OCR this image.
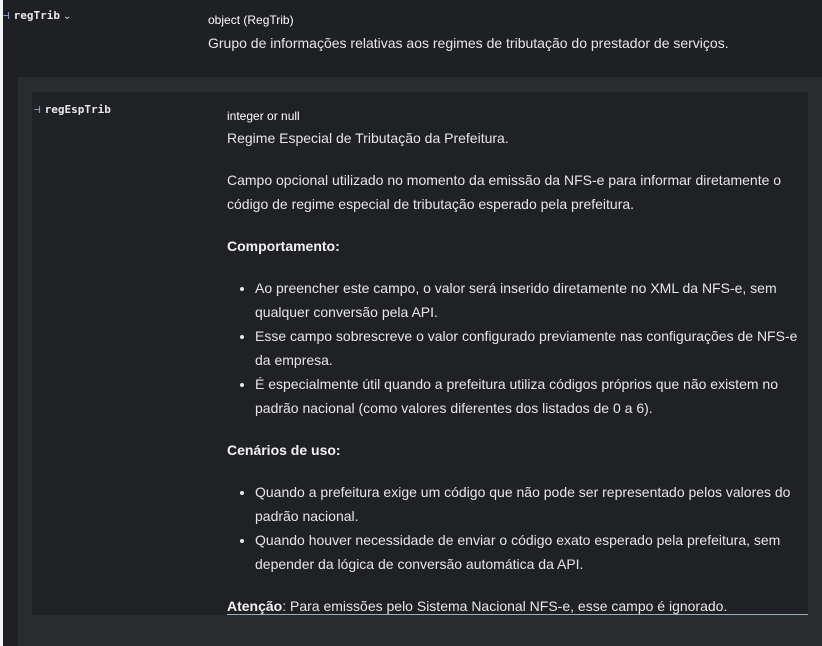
⊣ regTrib ⌄	object (RegTrib)
Grupo de informações relativas aos regimes de tributação do prestador de serviços.
⊣ regEspTrib	integer or null

Regime Especial de Tributação da Prefeitura.

Campo opcional utilizado no momento da emissão da NFS-e para informar diretamente o código de regime especial de tributação esperado pela prefeitura.

Comportamento:

• Ao preencher este campo, o valor será inserido diretamente no XML da NFS-e, sem qualquer conversão pela API.
• Esse campo sobrescreve o valor configurado previamente nas configurações de NFS-e da empresa.
• É especialmente útil quando a prefeitura utiliza códigos próprios que não existem no padrão nacional (como valores diferentes dos listados de 0 a 6).

Cenários de uso:

• Quando a prefeitura exige um código que não pode ser representado pelos valores do padrão nacional.
• Quando houver necessidade de enviar o código exato esperado pela prefeitura, sem depender da lógica de conversão automática da API.

Atenção: Para emissões pelo Sistema Nacional NFS-e, esse campo é ignorado.
